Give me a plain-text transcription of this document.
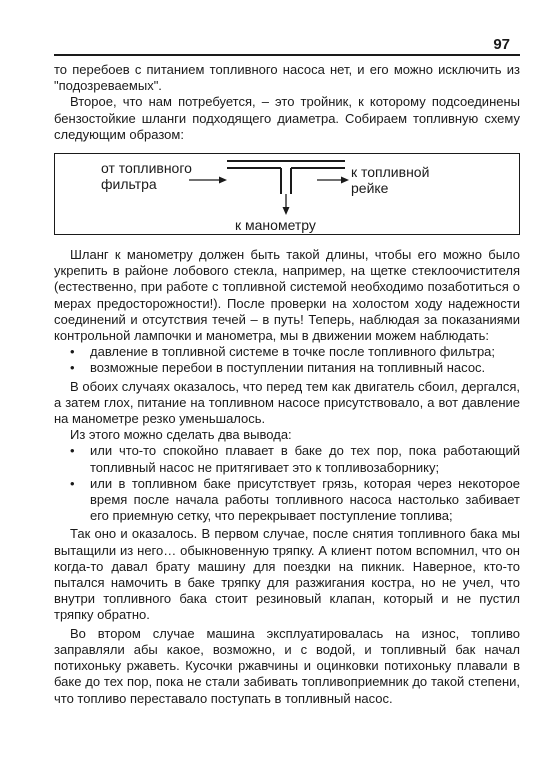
97

то перебоев с питанием топливного насоса нет, и его можно исключить из "подозреваемых".

Второе, что нам потребуется, – это тройник, к которому подсоединены бензостойкие шланги подходящего диаметра. Собираем топливную схему следующим образом:

от топливного
фильтра
к топливной
рейке
к манометру

Шланг к манометру должен быть такой длины, чтобы его можно было укрепить в районе лобового стекла, например, на щетке стеклоочистителя (естественно, при работе с топливной системой необходимо позаботиться о мерах предосторожности!). После проверки на холостом ходу надежности соединений и отсутствия течей – в путь! Теперь, наблюдая за показаниями контрольной лампочки и манометра, мы в движении можем наблюдать:

• давление в топливной системе в точке после топливного фильтра;
• возможные перебои в поступлении питания на топливный насос.

В обоих случаях оказалось, что перед тем как двигатель сбоил, дергался, а затем глох, питание на топливном насосе присутствовало, а вот давление на манометре резко уменьшалось.

Из этого можно сделать два вывода:

• или что-то спокойно плавает в баке до тех пор, пока работающий топливный насос не притягивает это к топливозаборнику;
• или в топливном баке присутствует грязь, которая через некоторое время после начала работы топливного насоса настолько забивает его приемную сетку, что перекрывает поступление топлива;

Так оно и оказалось. В первом случае, после снятия топливного бака мы вытащили из него… обыкновенную тряпку. А клиент потом вспомнил, что он когда-то давал брату машину для поездки на пикник. Наверное, кто-то пытался намочить в баке тряпку для разжигания костра, но не учел, что внутри топливного бака стоит резиновый клапан, который и не пустил тряпку обратно.

Во втором случае машина эксплуатировалась на износ, топливо заправляли абы какое, возможно, и с водой, и топливный бак начал потихоньку ржаветь. Кусочки ржавчины и оцинковки потихоньку плавали в баке до тех пор, пока не стали забивать топливоприемник до такой степени, что топливо переставало поступать в топливный насос.
